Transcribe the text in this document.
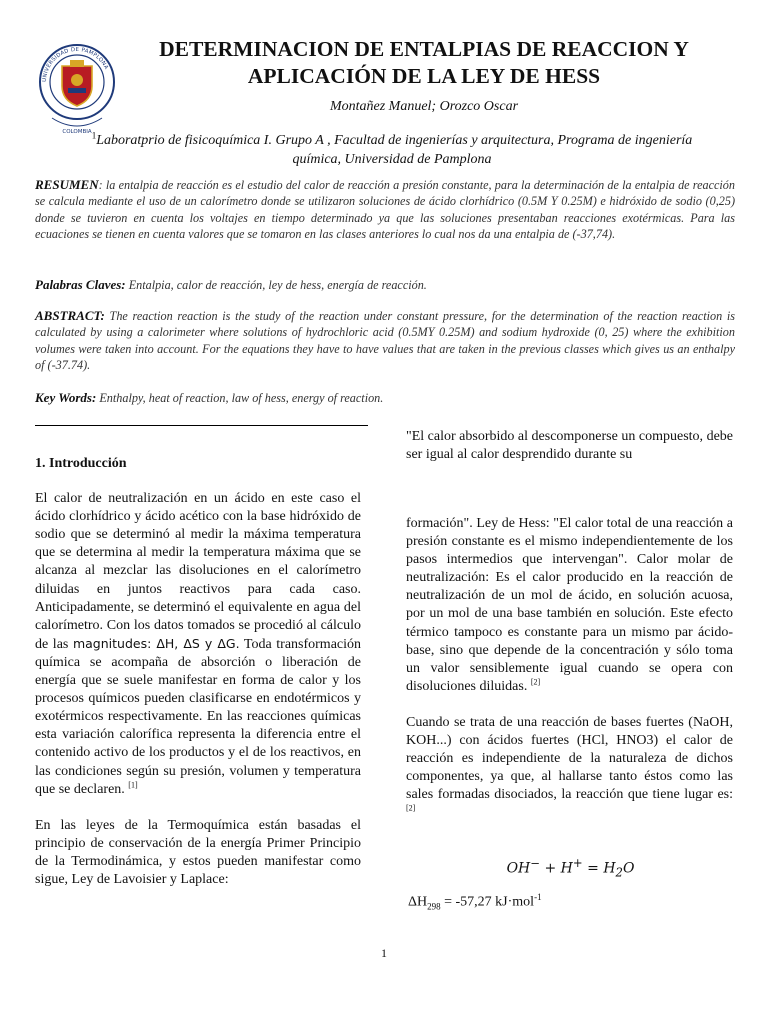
UNIVERSIDAD DE PAMPLONA
COLOMBIA
DETERMINACION DE ENTALPIAS DE REACCION Y
APLICACIÓN DE LA LEY DE HESS
Montañez Manuel; Orozco Oscar
$^1$Laboratprio de fisicoquímica I. Grupo A , Facultad de ingenierías y arquitectura, Programa de ingeniería
química, Universidad de Pamplona
RESUMEN: la entalpia de reacción es el estudio del calor de reacción a presión constante, para la determinación de la entalpia de reacción se calcula mediante el uso de un calorímetro donde se utilizaron soluciones de ácido clorhídrico (0.5M Y 0.25M) e hidróxido de sodio (0,25) donde se tuvieron en cuenta los voltajes en tiempo determinado ya que las soluciones presentaban reacciones exotérmicas. Para las ecuaciones se tienen en cuenta valores que se tomaron en las clases anteriores lo cual nos da una entalpia de (-37,74).
Palabras Claves: Entalpia, calor de reacción, ley de hess, energía de reacción.
ABSTRACT: The reaction reaction is the study of the reaction under constant pressure, for the determination of the reaction reaction is calculated by using a calorimeter where solutions of hydrochloric acid (0.5MY 0.25M) and sodium hydroxide (0, 25) where the exhibition volumes were taken into account. For the equations they have to have values that are taken in the previous classes which gives us an enthalpy of (-37.74).
Key Words: Enthalpy, heat of reaction, law of hess, energy of reaction.

1. Introducción

El calor de neutralización en un ácido en este caso el ácido clorhídrico y ácido acético con la base hidróxido de sodio que se determinó al medir la máxima temperatura que se determina al medir la temperatura máxima que se alcanza al mezclar las disoluciones en el calorímetro diluidas en juntos reactivos para cada caso. Anticipadamente, se determinó el equivalente en agua del calorímetro. Con los datos tomados se procedió al cálculo de las magnitudes: ΔH, ΔS y ΔG. Toda transformación química se acompaña de absorción o liberación de energía que se suele manifestar en forma de calor y los procesos químicos pueden clasificarse en endotérmicos y exotérmicos respectivamente. En las reacciones químicas esta variación calorífica representa la diferencia entre el contenido activo de los productos y el de los reactivos, en las condiciones según su presión, volumen y temperatura que se declaren. [1]

En las leyes de la Termoquímica están basadas el principio de conservación de la energía Primer Principio de la Termodinámica, y estos pueden manifestar como sigue, Ley de Lavoisier y Laplace:

"El calor absorbido al descomponerse un compuesto, debe ser igual al calor desprendido durante su

formación". Ley de Hess: "El calor total de una reacción a presión constante es el mismo independientemente de los pasos intermedios que intervengan". Calor molar de neutralización: Es el calor producido en la reacción de neutralización de un mol de ácido, en solución acuosa, por un mol de una base también en solución. Este efecto térmico tampoco es constante para un mismo par ácido-base, sino que depende de la concentración y sólo toma un valor sensiblemente igual cuando se opera con disoluciones diluidas. [2]

Cuando se trata de una reacción de bases fuertes (NaOH, KOH...) con ácidos fuertes (HCl, HNO3) el calor de reacción es independiente de la naturaleza de dichos componentes, ya que, al hallarse tanto éstos como las sales formadas disociados, la reacción que tiene lugar es: [2]

$OH^- + H^+ = H_2O$
$\Delta H_{298} = -57,27$ kJ·mol$^{-1}$
1
